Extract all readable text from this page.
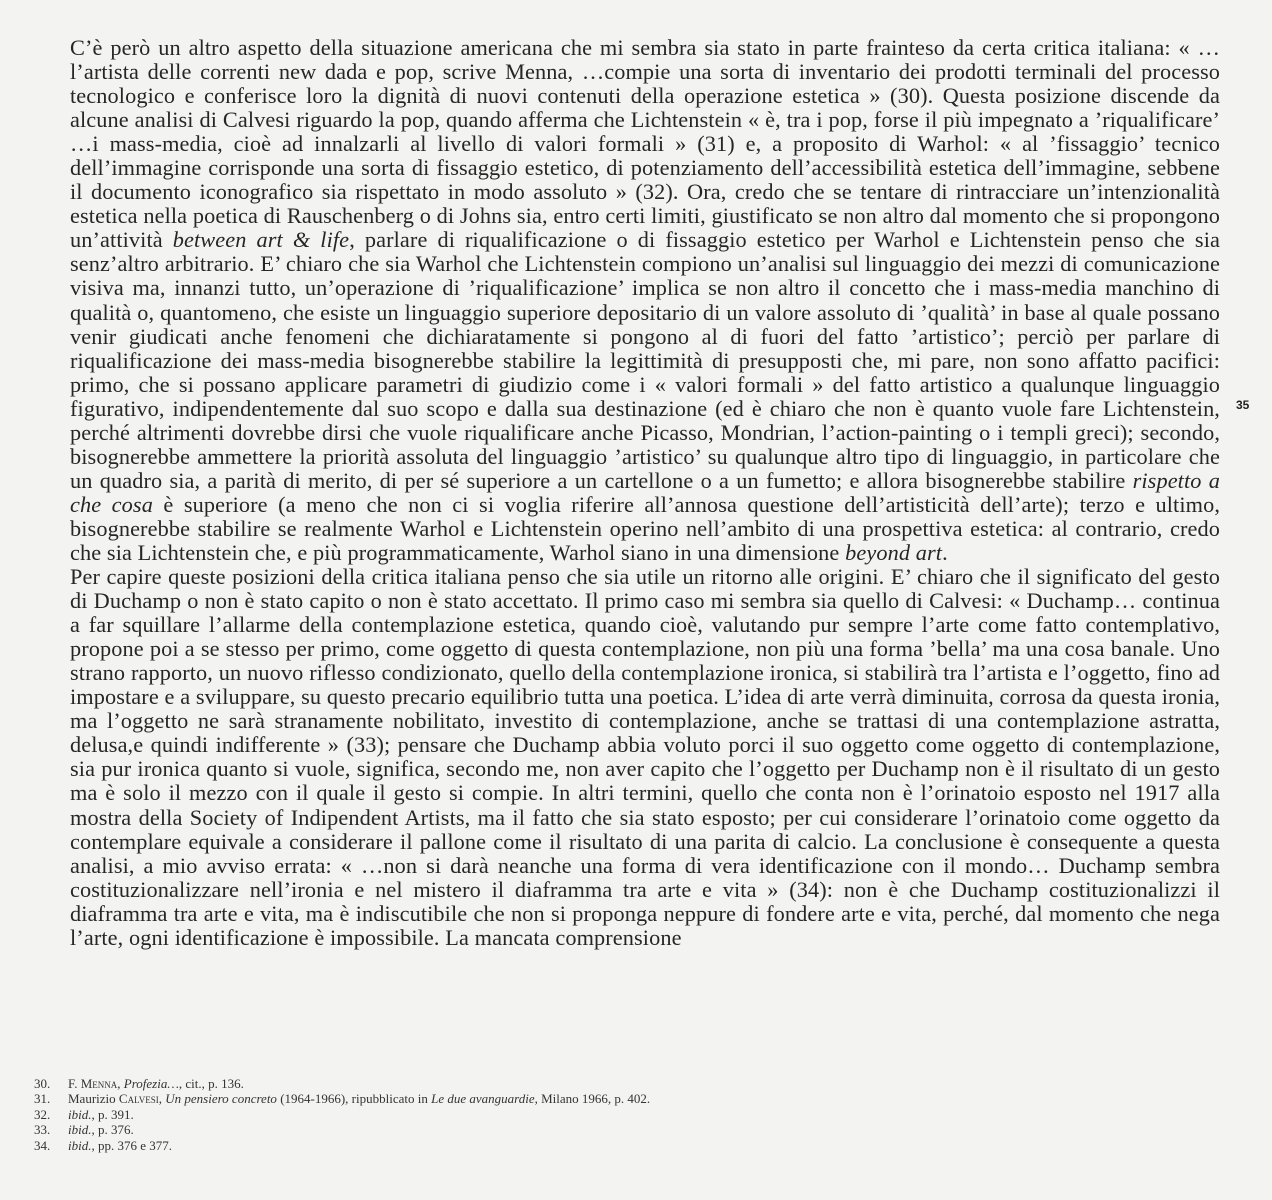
C’è però un altro aspetto della situazione americana che mi sembra sia stato in parte frainteso da certa critica italiana: « …l’artista delle correnti new dada e pop, scrive Menna, …compie una sorta di inventario dei prodotti terminali del processo tecnologico e conferisce loro la dignità di nuovi contenuti della operazione estetica » (30). Questa posizione discende da alcune analisi di Calvesi riguardo la pop, quando afferma che Lichtenstein « è, tra i pop, forse il più impegnato a ’riqualificare’ …i mass-media, cioè ad innalzarli al livello di valori formali » (31) e, a proposito di Warhol: « al ’fissaggio’ tecnico dell’immagine corrisponde una sorta di fissaggio estetico, di potenziamento dell’accessibilità estetica dell’immagine, sebbene il documento iconografico sia rispettato in modo assoluto » (32). Ora, credo che se tentare di rintracciare un’intenzionalità estetica nella poetica di Rauschenberg o di Johns sia, entro certi limiti, giustificato se non altro dal momento che si propongono un’attività between art & life, parlare di riqualificazione o di fissaggio estetico per Warhol e Lichtenstein penso che sia senz’altro arbitrario. E’ chiaro che sia Warhol che Lichtenstein compiono un’analisi sul linguaggio dei mezzi di comunicazione visiva ma, innanzi tutto, un’operazione di ’riqualificazione’ implica se non altro il concetto che i mass-media manchino di qualità o, quantomeno, che esiste un linguaggio superiore depositario di un valore assoluto di ’qualità’ in base al quale possano venir giudicati anche fenomeni che dichiaratamente si pongono al di fuori del fatto ’artistico’; perciò per parlare di riqualificazione dei mass-media bisognerebbe stabilire la legittimità di presupposti che, mi pare, non sono affatto pacifici: primo, che si possano applicare parametri di giudizio come i « valori formali » del fatto artistico a qualunque linguaggio figurativo, indipendentemente dal suo scopo e dalla sua destinazione (ed è chiaro che non è quanto vuole fare Lichtenstein, perché altrimenti dovrebbe dirsi che vuole riqualificare anche Picasso, Mondrian, l’action-painting o i templi greci); secondo, bisognerebbe ammettere la priorità assoluta del linguaggio ’artistico’ su qualunque altro tipo di linguaggio, in particolare che un quadro sia, a parità di merito, di per sé superiore a un cartellone o a un fumetto; e allora bisognerebbe stabilire rispetto a che cosa è superiore (a meno che non ci si voglia riferire all’annosa questione dell’artisticità dell’arte); terzo e ultimo, bisognerebbe stabilire se realmente Warhol e Lichtenstein operino nell’ambito di una prospettiva estetica: al contrario, credo che sia Lichtenstein che, e più programmaticamente, Warhol siano in una dimensione beyond art.

Per capire queste posizioni della critica italiana penso che sia utile un ritorno alle origini. E’ chiaro che il significato del gesto di Duchamp o non è stato capito o non è stato accettato. Il primo caso mi sembra sia quello di Calvesi: « Duchamp… continua a far squillare l’allarme della contemplazione estetica, quando cioè, valutando pur sempre l’arte come fatto contemplativo, propone poi a se stesso per primo, come oggetto di questa contemplazione, non più una forma ’bella’ ma una cosa banale. Uno strano rapporto, un nuovo riflesso condizionato, quello della contemplazione ironica, si stabilirà tra l’artista e l’oggetto, fino ad impostare e a sviluppare, su questo precario equilibrio tutta una poetica. L’idea di arte verrà diminuita, corrosa da questa ironia, ma l’oggetto ne sarà stranamente nobilitato, investito di contemplazione, anche se trattasi di una contemplazione astratta, delusa,e quindi indifferente » (33); pensare che Duchamp abbia voluto porci il suo oggetto come oggetto di contemplazione, sia pur ironica quanto si vuole, significa, secondo me, non aver capito che l’oggetto per Duchamp non è il risultato di un gesto ma è solo il mezzo con il quale il gesto si compie. In altri termini, quello che conta non è l’orinatoio esposto nel 1917 alla mostra della Society of Indipendent Artists, ma il fatto che sia stato esposto; per cui considerare l’orinatoio come oggetto da contemplare equivale a considerare il pallone come il risultato di una parita di calcio. La conclusione è consequente a questa analisi, a mio avviso errata: « …non si darà neanche una forma di vera identificazione con il mondo… Duchamp sembra costituzionalizzare nell’ironia e nel mistero il diaframma tra arte e vita » (34): non è che Duchamp costituzionalizzi il diaframma tra arte e vita, ma è indiscutibile che non si proponga neppure di fondere arte e vita, perché, dal momento che nega l’arte, ogni identificazione è impossibile. La mancata comprensione

35
30. F. Menna, Profezia…, cit., p. 136.
31. Maurizio Calvesi, Un pensiero concreto (1964-1966), ripubblicato in Le due avanguardie, Milano 1966, p. 402.
32. ibid., p. 391.
33. ibid., p. 376.
34. ibid., pp. 376 e 377.
